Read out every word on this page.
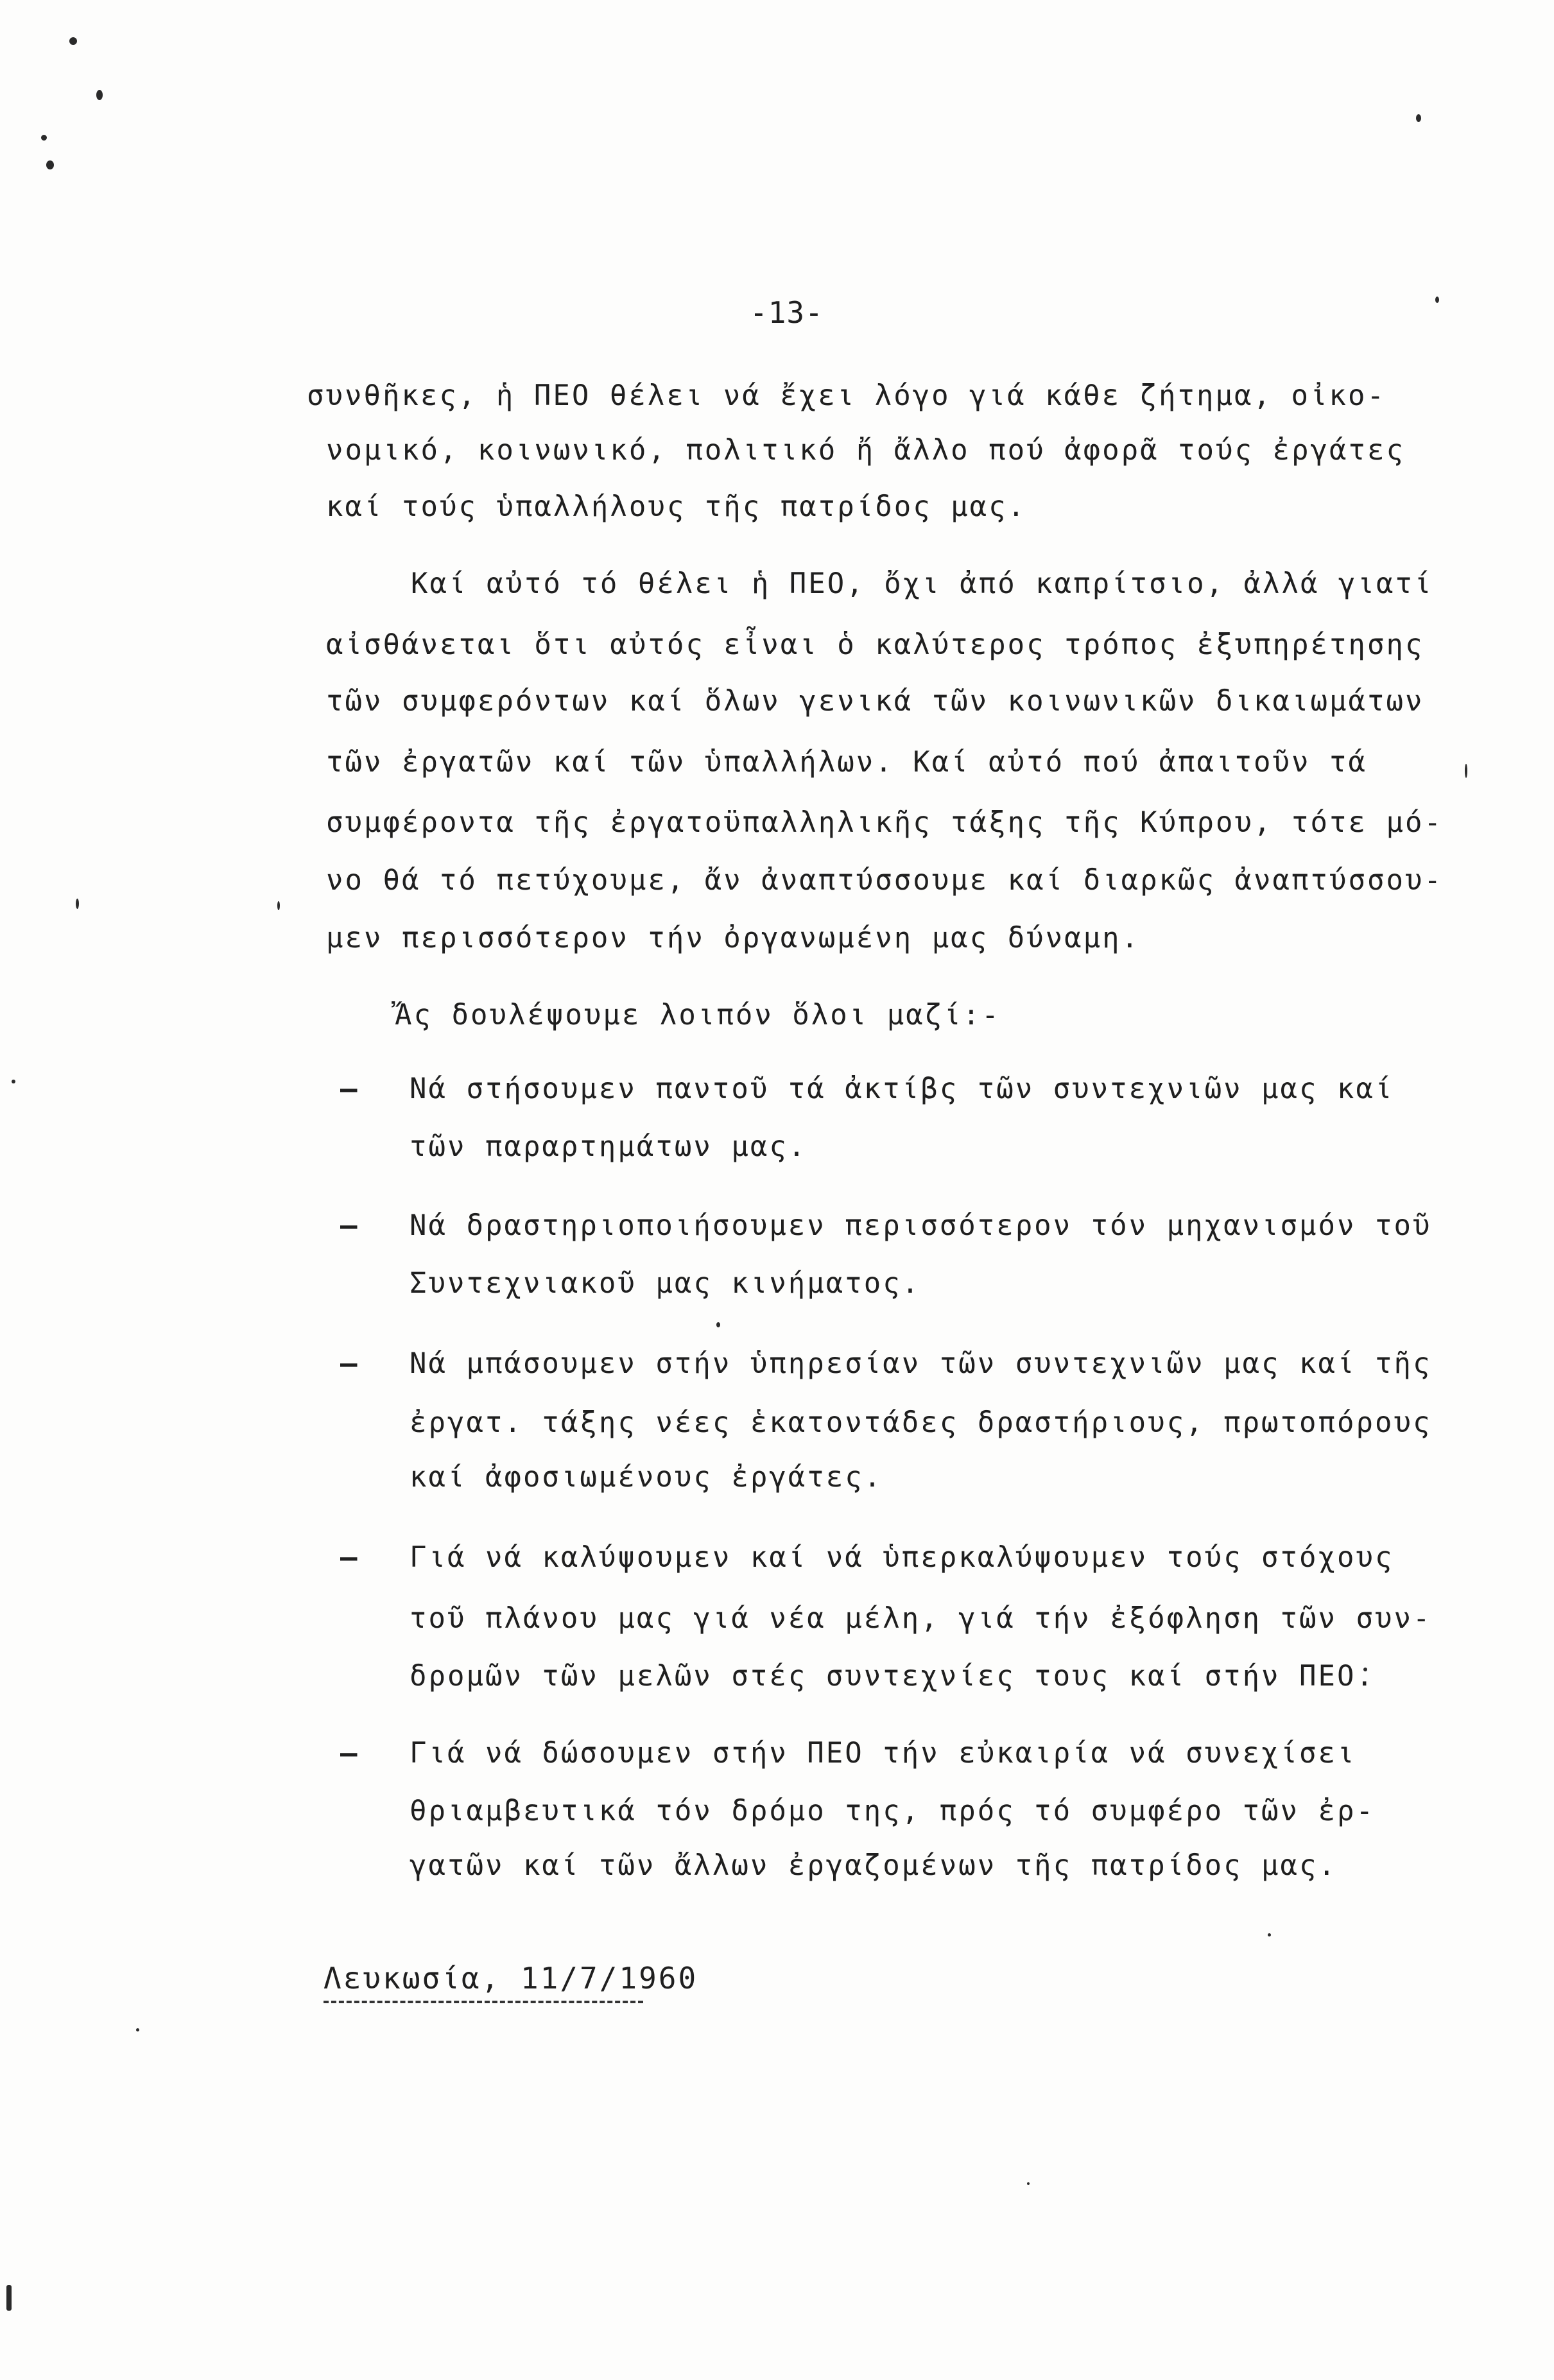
-13-
συνθῆκες, ἡ ΠΕΟ θέλει νά ἔχει λόγο γιά κάθε ζήτημα, οἰκο-
νομικό, κοινωνικό, πολιτικό ἤ ἄλλο πού ἀφορᾶ τούς ἐργάτες
καί τούς ὑπαλλήλους τῆς πατρίδος μας.
Καί αὐτό τό θέλει ἡ ΠΕΟ, ὄχι ἀπό καπρίτσιο, ἀλλά γιατί
αἰσθάνεται ὅτι αὐτός εἶναι ὁ καλύτερος τρόπος ἐξυπηρέτησης
τῶν συμφερόντων καί ὅλων γενικά τῶν κοινωνικῶν δικαιωμάτων
τῶν ἐργατῶν καί τῶν ὑπαλλήλων. Καί αὐτό πού ἀπαιτοῦν τά
συμφέροντα τῆς ἐργατοϋπαλληλικῆς τάξης τῆς Κύπρου, τότε μό-
νο θά τό πετύχουμε, ἄν ἀναπτύσσουμε καί διαρκῶς ἀναπτύσσου-
μεν περισσότερον τήν ὀργανωμένη μας δύναμη.
Ἄς δουλέψουμε λοιπόν ὅλοι μαζί:-
— Νά στήσουμεν παντοῦ τά ἀκτίβς τῶν συντεχνιῶν μας καί
τῶν παραρτημάτων μας.
— Νά δραστηριοποιήσουμεν περισσότερον τόν μηχανισμόν τοῦ
Συντεχνιακοῦ μας κινήματος.
— Νά μπάσουμεν στήν ὑπηρεσίαν τῶν συντεχνιῶν μας καί τῆς
ἐργατ. τάξης νέες ἑκατοντάδες δραστήριους, πρωτοπόρους
καί ἀφοσιωμένους ἐργάτες.
— Γιά νά καλύψουμεν καί νά ὑπερκαλύψουμεν τούς στόχους
τοῦ πλάνου μας γιά νέα μέλη, γιά τήν ἐξόφληση τῶν συν-
δρομῶν τῶν μελῶν στές συντεχνίες τους καί στήν ΠΕΟ.
— Γιά νά δώσουμεν στήν ΠΕΟ τήν εὐκαιρία νά συνεχίσει
θριαμβευτικά τόν δρόμο της, πρός τό συμφέρο τῶν ἐρ-
γατῶν καί τῶν ἄλλων ἐργαζομένων τῆς πατρίδος μας.
Λευκωσία, 11/7/1960
